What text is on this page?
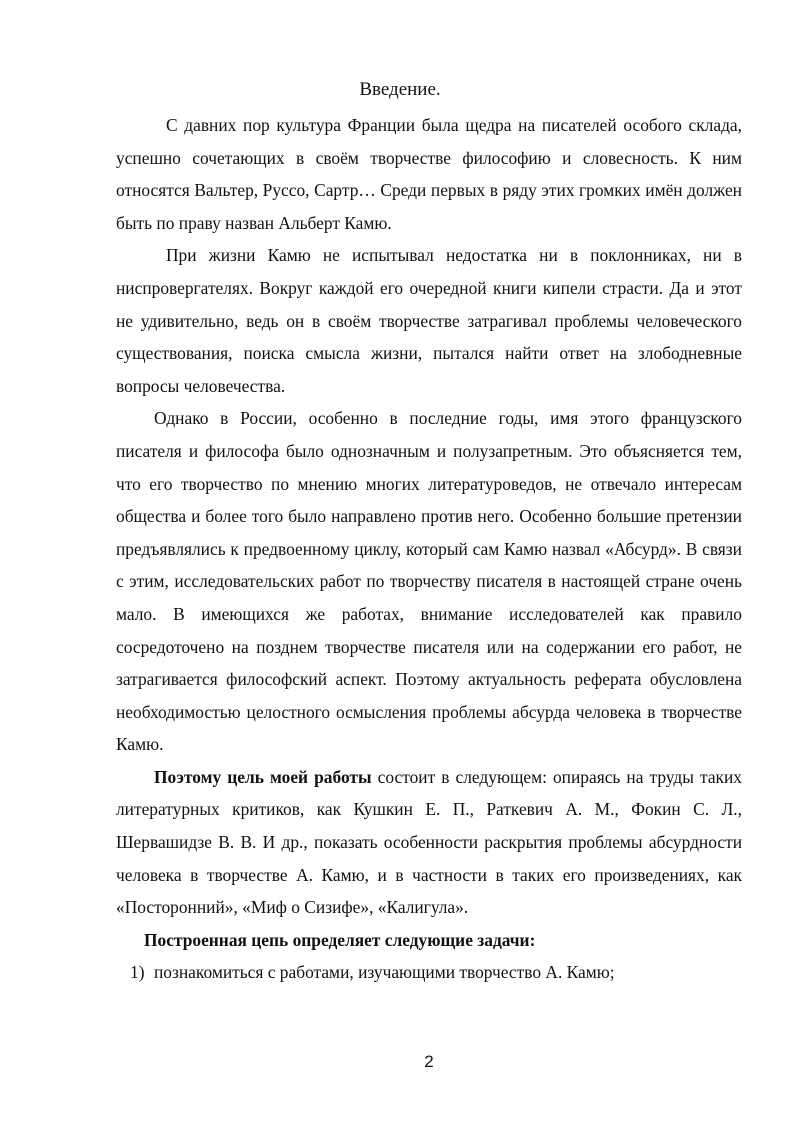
Введение.

С давних пор культура Франции была щедра на писателей особого склада, успешно сочетающих в своём творчестве философию и словесность. К ним относятся Вальтер, Руссо, Сартр… Среди первых в ряду этих громких имён должен быть по праву назван Альберт Камю.

При жизни Камю не испытывал недостатка ни в поклонниках, ни в ниспровергателях. Вокруг каждой его очередной книги кипели страсти. Да и этот не удивительно, ведь он в своём творчестве затрагивал проблемы человеческого существования, поиска смысла жизни, пытался найти ответ на злободневные вопросы человечества.

Однако в России, особенно в последние годы, имя этого французского писателя и философа было однозначным и полузапретным. Это объясняется тем, что его творчество по мнению многих литературоведов, не отвечало интересам общества и более того было направлено против него. Особенно большие претензии предъявлялись к предвоенному циклу, который сам Камю назвал «Абсурд». В связи с этим, исследовательских работ по творчеству писателя в настоящей стране очень мало. В имеющихся же работах, внимание исследователей как правило сосредоточено на позднем творчестве писателя или на содержании его работ, не затрагивается философский аспект. Поэтому актуальность реферата обусловлена необходимостью целостного осмысления проблемы абсурда человека в творчестве Камю.

Поэтому цель моей работы состоит в следующем: опираясь на труды таких литературных критиков, как Кушкин Е. П., Раткевич А. М., Фокин С. Л., Шервашидзе В. В. И др., показать особенности раскрытия проблемы абсурдности человека в творчестве А. Камю, и в частности в таких его произведениях, как «Посторонний», «Миф о Сизифе», «Калигула».

Построенная цепь определяет следующие задачи:

1) познакомиться с работами, изучающими творчество А. Камю;
2
